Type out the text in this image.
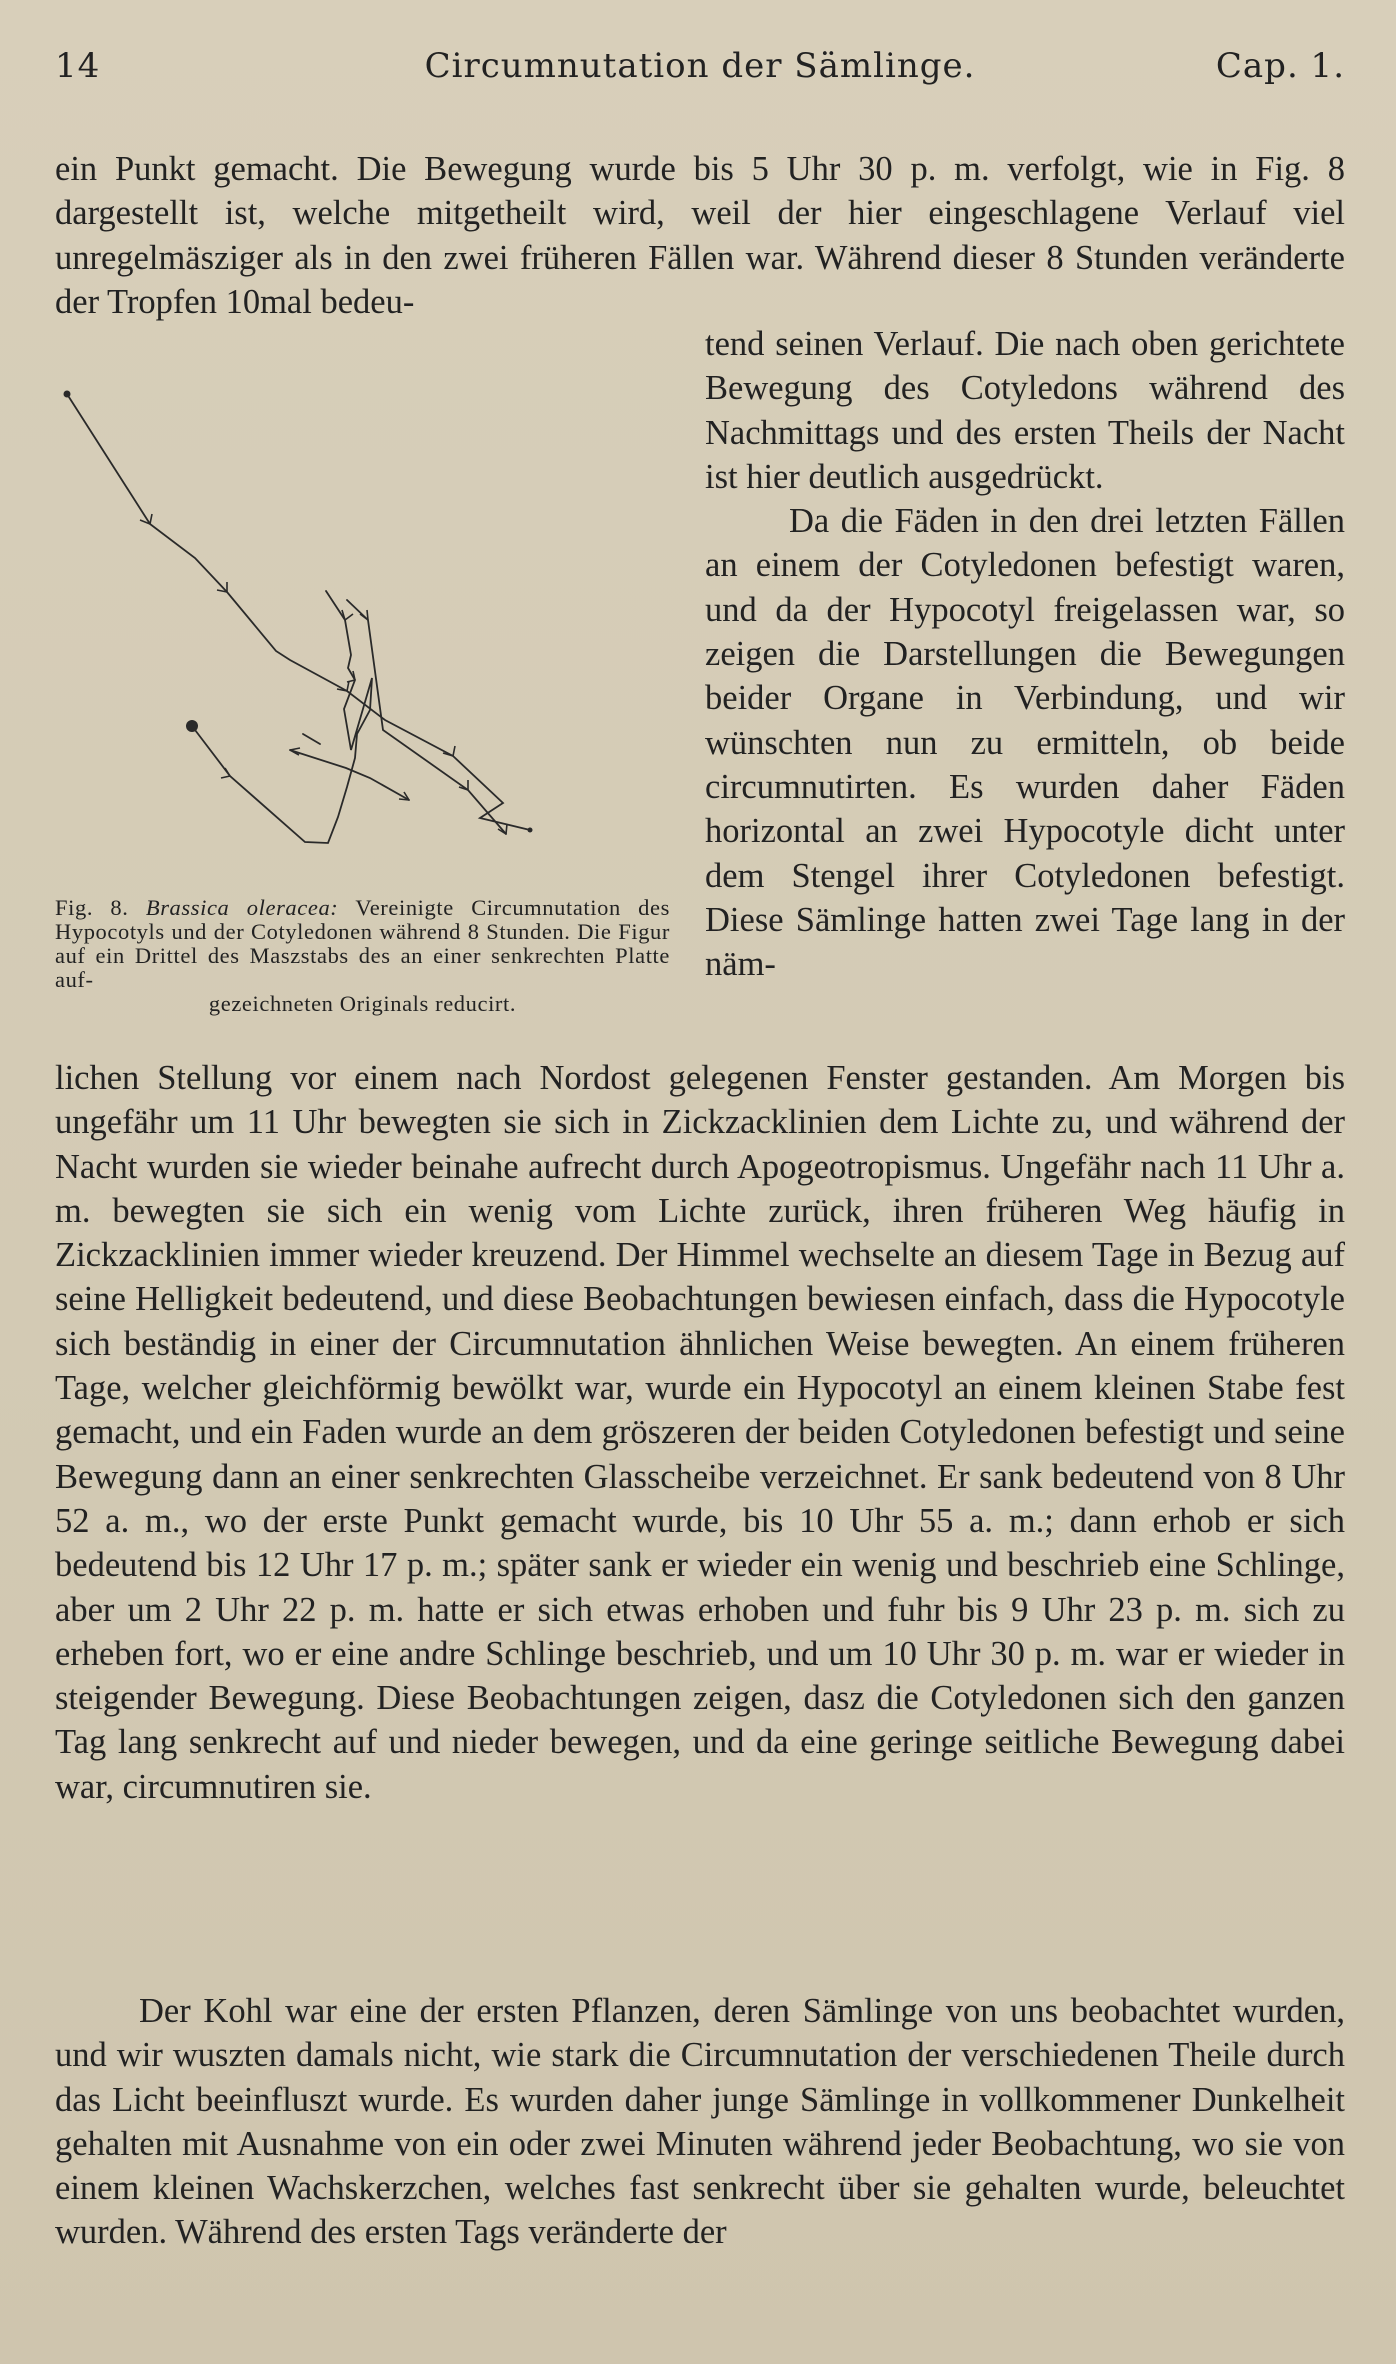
14	Circumnutation der Sämlinge.	Cap. 1.

ein Punkt gemacht. Die Bewegung wurde bis 5 Uhr 30 p. m. verfolgt, wie in Fig. 8 dargestellt ist, welche mitgetheilt wird, weil der hier eingeschlagene Verlauf viel unregelmäsziger als in den zwei früheren Fällen war. Während dieser 8 Stunden veränderte der Tropfen 10mal bedeu-

tend seinen Verlauf. Die nach oben gerichtete Bewegung des Cotyledons während des Nachmittags und des ersten Theils der Nacht ist hier deutlich ausgedrückt.

Da die Fäden in den drei letzten Fällen an einem der Cotyledonen befestigt waren, und da der Hypocotyl freigelassen war, so zeigen die Darstellungen die Bewegungen beider Organe in Verbindung, und wir wünschten nun zu ermitteln, ob beide circumnutirten. Es wurden daher Fäden horizontal an zwei Hypocotyle dicht unter dem Stengel ihrer Cotyledonen befestigt. Diese Sämlinge hatten zwei Tage lang in der näm-

Fig. 8. Brassica oleracea: Vereinigte Circumnutation des Hypocotyls und der Cotyledonen während 8 Stunden. Die Figur auf ein Drittel des Maszstabs des an einer senkrechten Platte auf-
gezeichneten Originals reducirt.

lichen Stellung vor einem nach Nordost gelegenen Fenster gestanden. Am Morgen bis ungefähr um 11 Uhr bewegten sie sich in Zickzacklinien dem Lichte zu, und während der Nacht wurden sie wieder beinahe aufrecht durch Apogeotropismus. Ungefähr nach 11 Uhr a. m. bewegten sie sich ein wenig vom Lichte zurück, ihren früheren Weg häufig in Zickzacklinien immer wieder kreuzend. Der Himmel wechselte an diesem Tage in Bezug auf seine Helligkeit bedeutend, und diese Beobachtungen bewiesen einfach, dass die Hypocotyle sich beständig in einer der Circumnutation ähnlichen Weise bewegten. An einem früheren Tage, welcher gleichförmig bewölkt war, wurde ein Hypocotyl an einem kleinen Stabe fest gemacht, und ein Faden wurde an dem gröszeren der beiden Cotyledonen befestigt und seine Bewegung dann an einer senkrechten Glasscheibe verzeichnet. Er sank bedeutend von 8 Uhr 52 a. m., wo der erste Punkt gemacht wurde, bis 10 Uhr 55 a. m.; dann erhob er sich bedeutend bis 12 Uhr 17 p. m.; später sank er wieder ein wenig und beschrieb eine Schlinge, aber um 2 Uhr 22 p. m. hatte er sich etwas erhoben und fuhr bis 9 Uhr 23 p. m. sich zu erheben fort, wo er eine andre Schlinge beschrieb, und um 10 Uhr 30 p. m. war er wieder in steigender Bewegung. Diese Beobachtungen zeigen, dasz die Cotyledonen sich den ganzen Tag lang senkrecht auf und nieder bewegen, und da eine geringe seitliche Bewegung dabei war, circumnutiren sie.

Der Kohl war eine der ersten Pflanzen, deren Sämlinge von uns beobachtet wurden, und wir wuszten damals nicht, wie stark die Circumnutation der verschiedenen Theile durch das Licht beeinfluszt wurde. Es wurden daher junge Sämlinge in vollkommener Dunkelheit gehalten mit Ausnahme von ein oder zwei Minuten während jeder Beobachtung, wo sie von einem kleinen Wachskerzchen, welches fast senkrecht über sie gehalten wurde, beleuchtet wurden. Während des ersten Tags veränderte der
